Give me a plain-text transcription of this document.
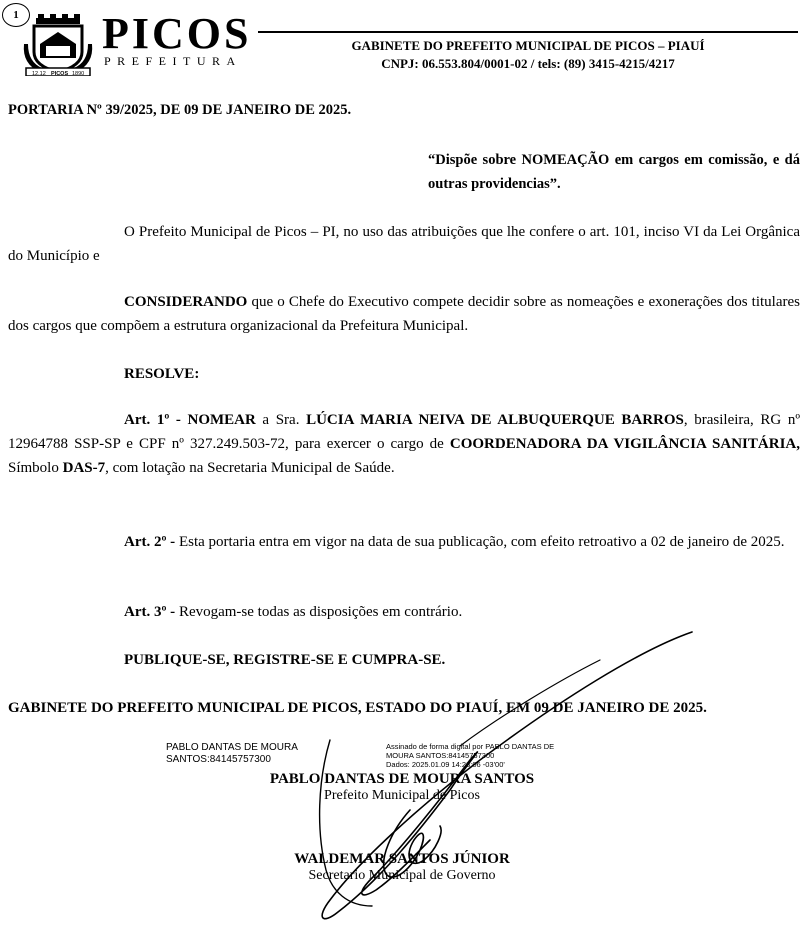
1
12.12 PICOS 1890
PICOS
PREFEITURA
GABINETE DO PREFEITO MUNICIPAL DE PICOS – PIAUÍ
CNPJ: 06.553.804/0001-02 / tels: (89) 3415-4215/4217
PORTARIA Nº 39/2025, DE 09 DE JANEIRO DE 2025.
“Dispõe sobre NOMEAÇÃO em cargos em comissão, e dá outras providencias”.
O Prefeito Municipal de Picos – PI, no uso das atribuições que lhe confere o art. 101, inciso VI da Lei Orgânica do Município e
CONSIDERANDO que o Chefe do Executivo compete decidir sobre as nomeações e exonerações dos titulares dos cargos que compõem a estrutura organizacional da Prefeitura Municipal.
RESOLVE:
Art. 1º - NOMEAR a Sra. LÚCIA MARIA NEIVA DE ALBUQUERQUE BARROS, brasileira, RG nº 12964788 SSP-SP e CPF nº 327.249.503-72, para exercer o cargo de COORDENADORA DA VIGILÂNCIA SANITÁRIA, Símbolo DAS-7, com lotação na Secretaria Municipal de Saúde.
Art. 2º - Esta portaria entra em vigor na data de sua publicação, com efeito retroativo a 02 de janeiro de 2025.
Art. 3º - Revogam-se todas as disposições em contrário.
PUBLIQUE-SE, REGISTRE-SE E CUMPRA-SE.
GABINETE DO PREFEITO MUNICIPAL DE PICOS, ESTADO DO PIAUÍ, EM 09 DE JANEIRO DE 2025.
PABLO DANTAS DE MOURA
SANTOS:84145757300
Assinado de forma digital por PABLO DANTAS DE
MOURA SANTOS:84145757300
Dados: 2025.01.09 14:23:06 -03'00'
PABLO DANTAS DE MOURA SANTOS
Prefeito Municipal de Picos
WALDEMAR SANTOS JÚNIOR
Secretario Municipal de Governo
